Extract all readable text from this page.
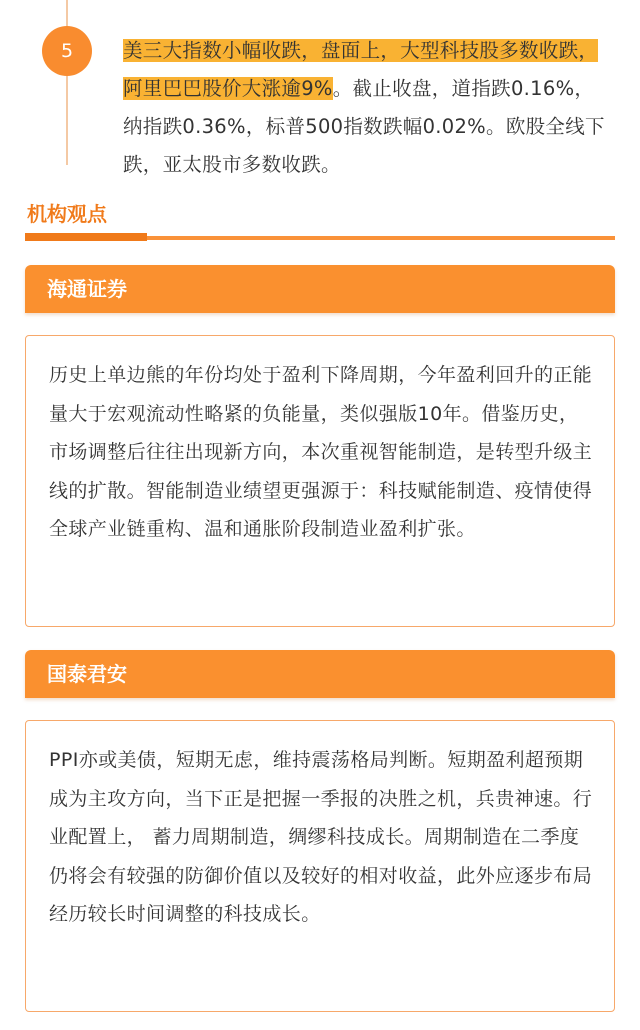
5	美三大指数小幅收跌，盘面上，大型科技股多数收跌，阿里巴巴股价大涨逾9%。截止收盘，道指跌0.16%，纳指跌0.36%，标普500指数跌幅0.02%。欧股全线下跌，亚太股市多数收跌。
机构观点
海通证券
历史上单边熊的年份均处于盈利下降周期，今年盈利回升的正能量大于宏观流动性略紧的负能量，类似强版10年。借鉴历史，市场调整后往往出现新方向，本次重视智能制造，是转型升级主线的扩散。智能制造业绩望更强源于：科技赋能制造、疫情使得全球产业链重构、温和通胀阶段制造业盈利扩张。
国泰君安
PPI亦或美债，短期无虑，维持震荡格局判断。短期盈利超预期成为主攻方向，当下正是把握一季报的决胜之机，兵贵神速。行业配置上， 蓄力周期制造，绸缪科技成长。周期制造在二季度仍将会有较强的防御价值以及较好的相对收益，此外应逐步布局经历较长时间调整的科技成长。
